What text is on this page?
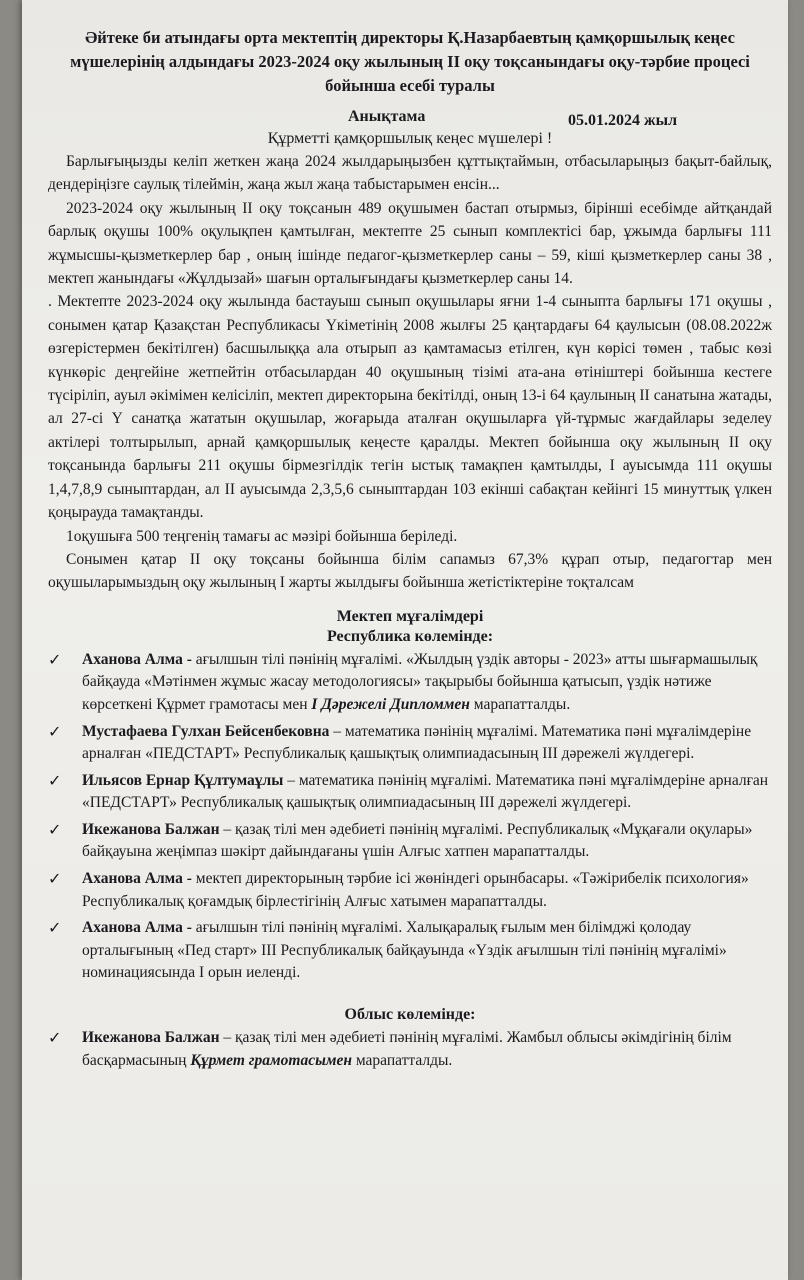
Әйтеке би атындағы орта мектептің директоры Қ.Назарбаевтың қамқоршылық кеңес мүшелерінің алдындағы 2023-2024 оқу жылының ІІ оқу тоқсанындағы оқу-тәрбие процесі бойынша есебі туралы
Анықтама	05.01.2024 жыл
Құрметті қамқоршылық кеңес мүшелері !

Барлығыңызды келіп жеткен жаңа 2024 жылдарыңызбен құттықтаймын, отбасыларыңыз бақыт-байлық, дендеріңізге саулық тілеймін, жаңа жыл жаңа табыстарымен енсін...

2023-2024 оқу жылының ІІ оқу тоқсанын 489 оқушымен бастап отырмыз, бірінші есебімде айтқандай барлық оқушы 100% оқулықпен қамтылған, мектепте 25 сынып комплектісі бар, ұжымда барлығы 111 жұмысшы-қызметкерлер бар , оның ішінде педагог-қызметкерлер саны – 59, кіші қызметкерлер саны 38 , мектеп жанындағы «Жұлдызай» шағын орталығындағы қызметкерлер саны 14.

. Мектепте 2023-2024 оқу жылында бастауыш сынып оқушылары яғни 1-4 сыныпта барлығы 171 оқушы , сонымен қатар Қазақстан Республикасы Үкіметінің 2008 жылғы 25 қаңтардағы 64 қаулысын (08.08.2022ж өзгерістермен бекітілген) басшылыққа ала отырып аз қамтамасыз етілген, күн көрісі төмен , табыс көзі күнкөріс деңгейіне жетпейтін отбасылардан 40 оқушының тізімі ата-ана өтініштері бойынша кестеге түсіріліп, ауыл әкімімен келісіліп, мектеп директорына бекітілді, оның 13-і 64 қаулының ІІ санатына жатады, ал 27-сі Ү санатқа жататын оқушылар, жоғарыда аталған оқушыларға үй-тұрмыс жағдайлары зеделеу актілері толтырылып, арнай қамқоршылық кеңесте қаралды. Мектеп бойынша оқу жылының ІІ оқу тоқсанында барлығы 211 оқушы бірмезгілдік тегін ыстық тамақпен қамтылды, І ауысымда 111 оқушы 1,4,7,8,9 сыныптардан, ал ІІ ауысымда 2,3,5,6 сыныптардан 103 екінші сабақтан кейінгі 15 минуттық үлкен қоңырауда тамақтанды.

1оқушыға 500 теңгенің тамағы ас мәзірі бойынша беріледі.

Сонымен қатар ІІ оқу тоқсаны бойынша білім сапамыз 67,3% құрап отыр, педагогтар мен оқушыларымыздың оқу жылының І жарты жылдығы бойынша жетістіктеріне тоқталсам

Мектеп мұғалімдері
Республика көлемінде:
✓ Аханова Алма - ағылшын тілі пәнінің мұғалімі. «Жылдың үздік авторы - 2023» атты шығармашылық байқауда «Мәтінмен жұмыс жасау методологиясы» тақырыбы бойынша қатысып, үздік нәтиже көрсеткені Құрмет грамотасы мен І Дәрежелі Дипломмен марапатталды.
✓ Мустафаева Гулхан Бейсенбековна – математика пәнінің мұғалімі. Математика пәні мұғалімдеріне арналған «ПЕДСТАРТ» Республикалық қашықтық олимпиадасының ІІІ дәрежелі жүлдегері.
✓ Ильясов Ернар Құлтумаұлы – математика пәнінің мұғалімі. Математика пәні мұғалімдеріне арналған «ПЕДСТАРТ» Республикалық қашықтық олимпиадасының ІІІ дәрежелі жүлдегері.
✓ Икежанова Балжан – қазақ тілі мен әдебиеті пәнінің мұғалімі. Республикалық «Мұқағали оқулары» байқауына жеңімпаз шәкірт дайындағаны үшін Алғыс хатпен марапатталды.
✓ Аханова Алма - мектеп директорының тәрбие ісі жөніндегі орынбасары. «Тәжірибелік психология» Республикалық қоғамдық бірлестігінің Алғыс хатымен марапатталды.
✓ Аханова Алма - ағылшын тілі пәнінің мұғалімі. Халықаралық ғылым мен білімджі қолодау орталығының «Пед старт» ІІІ Республикалық байқауында «Үздік ағылшын тілі пәнінің мұғалімі» номинациясында І орын иеленді.
Облыс көлемінде:
✓ Икежанова Балжан – қазақ тілі мен әдебиеті пәнінің мұғалімі. Жамбыл облысы әкімдігінің білім басқармасының Құрмет грамотасымен марапатталды.
